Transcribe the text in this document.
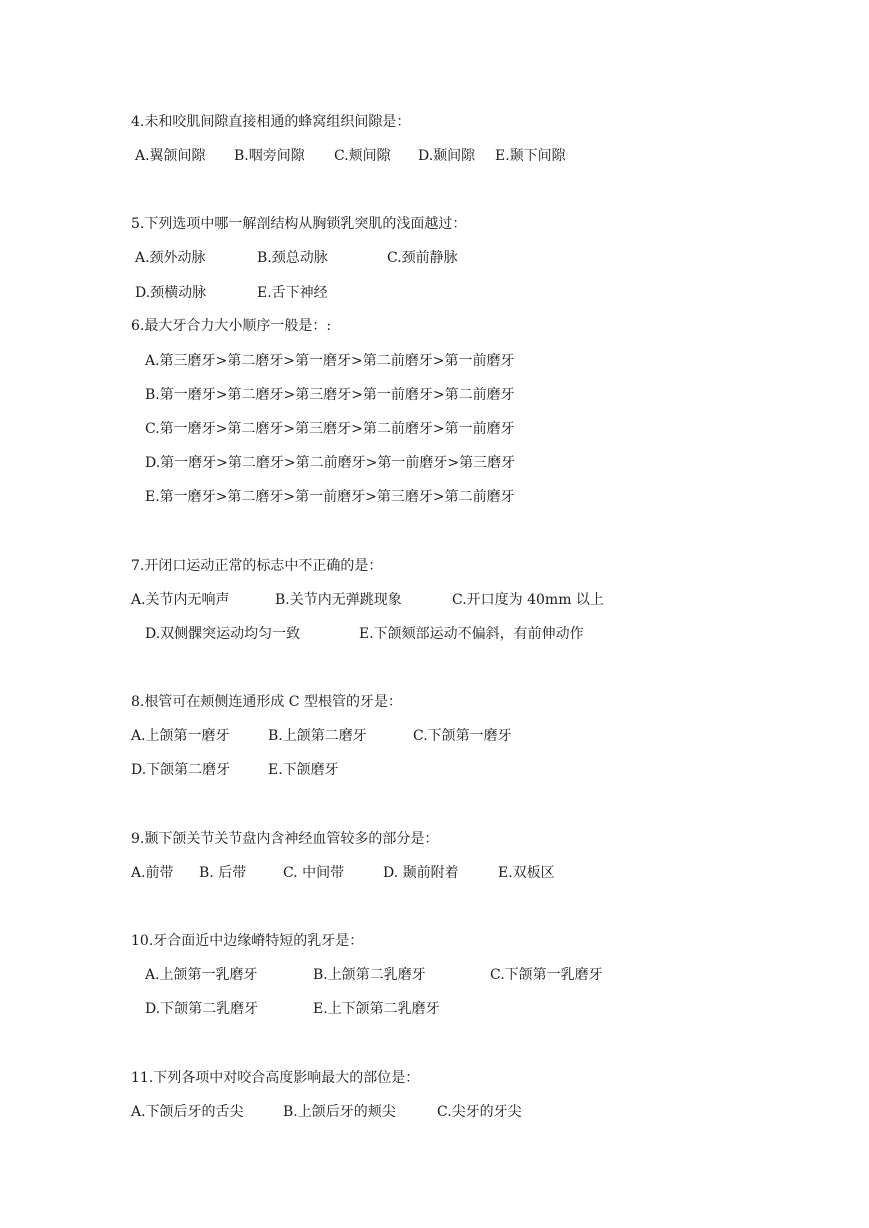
4.未和咬肌间隙直接相通的蜂窝组织间隙是：
A.翼颌间隙 B.咽旁间隙 C.颊间隙 D.颞间隙 E.颞下间隙
5.下列选项中哪一解剖结构从胸锁乳突肌的浅面越过：
A.颈外动脉	B.颈总动脉	C.颈前静脉
D.颈横动脉	E.舌下神经
6.最大牙合力大小顺序一般是：:
A.第三磨牙>第二磨牙>第一磨牙>第二前磨牙>第一前磨牙
B.第一磨牙>第二磨牙>第三磨牙>第一前磨牙>第二前磨牙
C.第一磨牙>第二磨牙>第三磨牙>第二前磨牙>第一前磨牙
D.第一磨牙>第二磨牙>第二前磨牙>第一前磨牙>第三磨牙
E.第一磨牙>第二磨牙>第一前磨牙>第三磨牙>第二前磨牙
7.开闭口运动正常的标志中不正确的是：
A.关节内无响声	B.关节内无弹跳现象	C.开口度为 40mm 以上
D.双侧髁突运动均匀一致	E.下颌颏部运动不偏斜，有前伸动作
8.根管可在颊侧连通形成 C 型根管的牙是：
A.上颌第一磨牙	B.上颌第二磨牙	C.下颌第一磨牙
D.下颌第二磨牙	E.下颌磨牙
9.颞下颌关节关节盘内含神经血管较多的部分是：
A.前带 B. 后带	C. 中间带	D. 颞前附着	E.双板区
10.牙合面近中边缘嵴特短的乳牙是：
A.上颌第一乳磨牙	B.上颌第二乳磨牙	C.下颌第一乳磨牙
D.下颌第二乳磨牙	E.上下颌第二乳磨牙
11.下列各项中对咬合高度影响最大的部位是：
A.下颌后牙的舌尖	B.上颌后牙的颊尖	C.尖牙的牙尖
